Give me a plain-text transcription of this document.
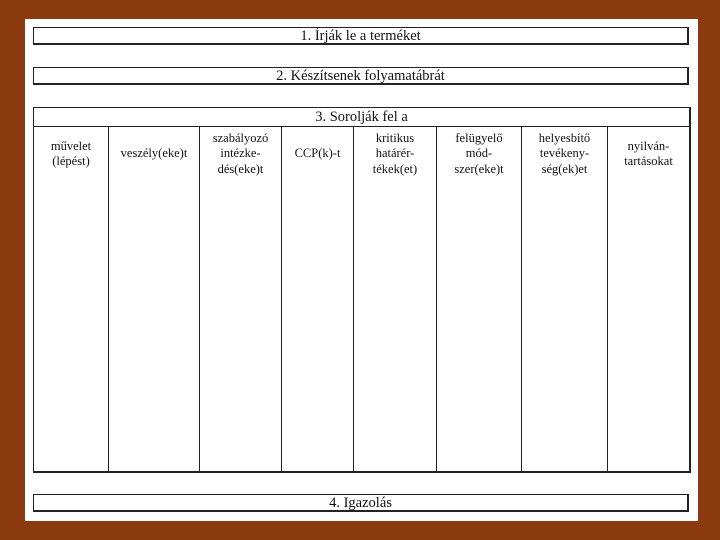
1. Írják le a terméket
2. Készítsenek folyamatábrát
3. Sorolják fel a
művelet
(lépést)
veszély(eke)t
szabályozó
intézke-
dés(eke)t
CCP(k)-t
kritikus
határér-
tékek(et)
felügyelő
mód-
szer(eke)t
helyesbítő
tevékeny-
ség(ek)et
nyilván-
tartásokat
4. Igazolás
